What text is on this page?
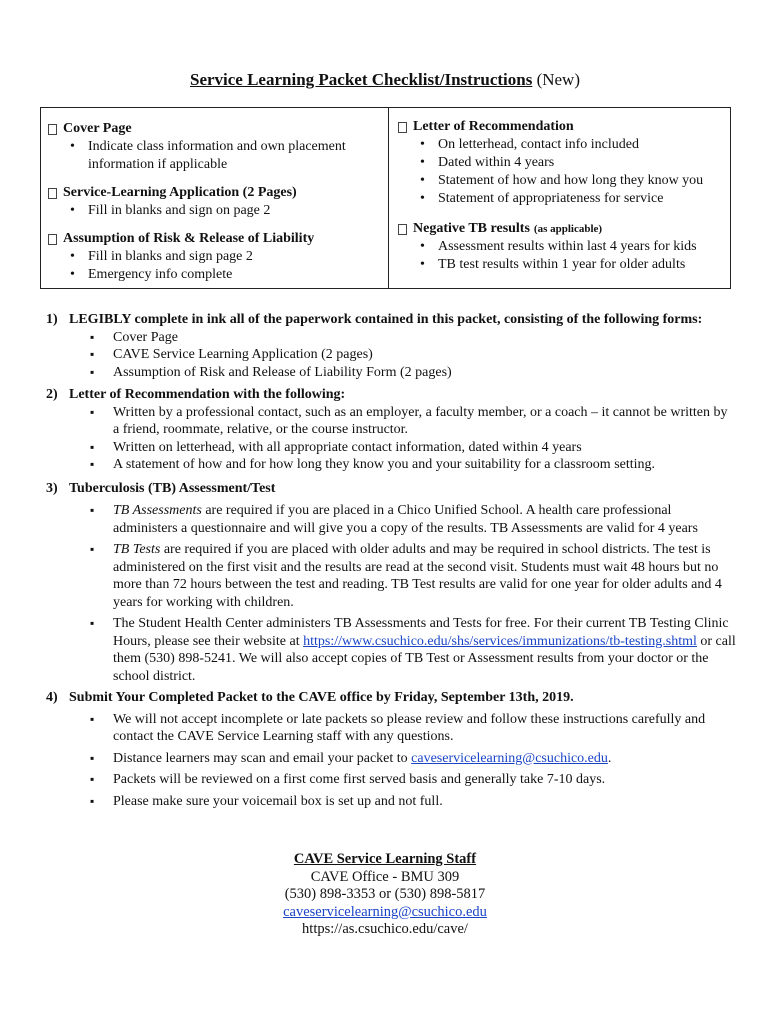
Service Learning Packet Checklist/Instructions (New)
Cover Page
• Indicate class information and own placement information if applicable
Service-Learning Application (2 Pages)
• Fill in blanks and sign on page 2
Assumption of Risk & Release of Liability
• Fill in blanks and sign page 2
• Emergency info complete
Letter of Recommendation
• On letterhead, contact info included
• Dated within 4 years
• Statement of how and how long they know you
• Statement of appropriateness for service
Negative TB results (as applicable)
• Assessment results within last 4 years for kids
• TB test results within 1 year for older adults
1) LEGIBLY complete in ink all of the paperwork contained in this packet, consisting of the following forms:
▪ Cover Page
▪ CAVE Service Learning Application (2 pages)
▪ Assumption of Risk and Release of Liability Form (2 pages)
2) Letter of Recommendation with the following:
▪ Written by a professional contact, such as an employer, a faculty member, or a coach – it cannot be written by a friend, roommate, relative, or the course instructor.
▪ Written on letterhead, with all appropriate contact information, dated within 4 years
▪ A statement of how and for how long they know you and your suitability for a classroom setting.
3) Tuberculosis (TB) Assessment/Test
▪ TB Assessments are required if you are placed in a Chico Unified School. A health care professional administers a questionnaire and will give you a copy of the results. TB Assessments are valid for 4 years
▪ TB Tests are required if you are placed with older adults and may be required in school districts. The test is administered on the first visit and the results are read at the second visit. Students must wait 48 hours but no more than 72 hours between the test and reading. TB Test results are valid for one year for older adults and 4 years for working with children.
▪ The Student Health Center administers TB Assessments and Tests for free. For their current TB Testing Clinic Hours, please see their website at https://www.csuchico.edu/shs/services/immunizations/tb-testing.shtml or call them (530) 898-5241. We will also accept copies of TB Test or Assessment results from your doctor or the school district.
4) Submit Your Completed Packet to the CAVE office by Friday, September 13th, 2019.
▪ We will not accept incomplete or late packets so please review and follow these instructions carefully and contact the CAVE Service Learning staff with any questions.
▪ Distance learners may scan and email your packet to caveservicelearning@csuchico.edu.
▪ Packets will be reviewed on a first come first served basis and generally take 7-10 days.
▪ Please make sure your voicemail box is set up and not full.
CAVE Service Learning Staff
CAVE Office - BMU 309
(530) 898-3353 or (530) 898-5817
caveservicelearning@csuchico.edu
https://as.csuchico.edu/cave/
